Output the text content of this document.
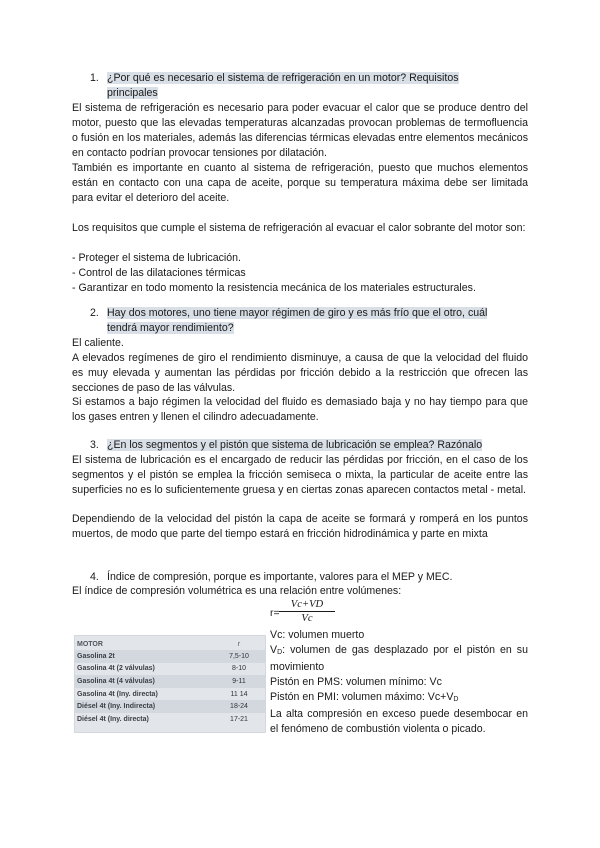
1. ¿Por qué es necesario el sistema de refrigeración en un motor? Requisitos
principales
El sistema de refrigeración es necesario para poder evacuar el calor que se produce dentro del motor, puesto que las elevadas temperaturas alcanzadas provocan problemas de termofluencia o fusión en los materiales, además las diferencias térmicas elevadas entre elementos mecánicos en contacto podrían provocar tensiones por dilatación.
También es importante en cuanto al sistema de refrigeración, puesto que muchos elementos están en contacto con una capa de aceite, porque su temperatura máxima debe ser limitada para evitar el deterioro del aceite.
Los requisitos que cumple el sistema de refrigeración al evacuar el calor sobrante del motor son:
- Proteger el sistema de lubricación.
- Control de las dilataciones térmicas
- Garantizar en todo momento la resistencia mecánica de los materiales estructurales.
2. Hay dos motores, uno tiene mayor régimen de giro y es más frío que el otro, cuál
tendrá mayor rendimiento?
El caliente.
A elevados regímenes de giro el rendimiento disminuye, a causa de que la velocidad del fluido es muy elevada y aumentan las pérdidas por fricción debido a la restricción que ofrecen las secciones de paso de las válvulas.
Si estamos a bajo régimen la velocidad del fluido es demasiado baja y no hay tiempo para que los gases entren y llenen el cilindro adecuadamente.
3. ¿En los segmentos y el pistón que sistema de lubricación se emplea? Razónalo
El sistema de lubricación es el encargado de reducir las pérdidas por fricción, en el caso de los segmentos y el pistón se emplea la fricción semiseca o mixta, la particular de aceite entre las superficies no es lo suficientemente gruesa y en ciertas zonas aparecen contactos metal - metal.
Dependiendo de la velocidad del pistón la capa de aceite se formará y romperá en los puntos muertos, de modo que parte del tiempo estará en fricción hidrodinámica y parte en mixta
4. Índice de compresión, porque es importante, valores para el MEP y MEC.
El índice de compresión volumétrica es una relación entre volúmenes:
$r= \frac{Vc+VD}{Vc}$
Vc: volumen muerto
$V_D$: volumen de gas desplazado por el pistón en su movimiento
Pistón en PMS: volumen mínimo: Vc
Pistón en PMI: volumen máximo: $Vc+V_D$
La alta compresión en exceso puede desembocar en el fenómeno de combustión violenta o picado.
MOTOR	r
Gasolina 2t	7,5-10
Gasolina 4t (2 válvulas)	8-10
Gasolina 4t (4 válvulas)	9-11
Gasolina 4t (Iny. directa)	11 14
Diésel 4t (Iny. Indirecta)	18-24
Diésel 4t (Iny. directa)	17-21
